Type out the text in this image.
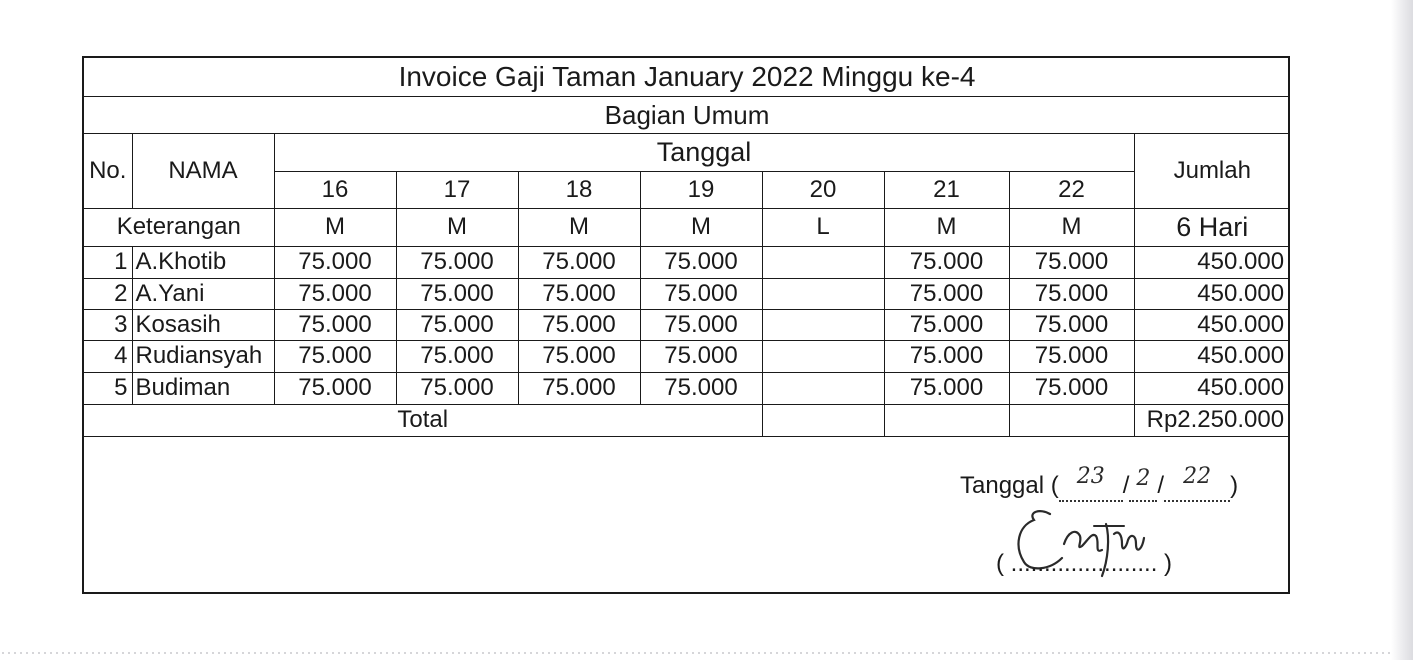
Invoice Gaji Taman January 2022 Minggu ke-4									
Bagian Umum									
No.	NAMA	Tanggal							Jumlah
		16	17	18	19	20	21	22	
Keterangan		M	M	M	M	L	M	M	6 Hari
1	A.Khotib	75.000	75.000	75.000	75.000		75.000	75.000	450.000
2	A.Yani	75.000	75.000	75.000	75.000		75.000	75.000	450.000
3	Kosasih	75.000	75.000	75.000	75.000		75.000	75.000	450.000
4	Rudiansyah	75.000	75.000	75.000	75.000		75.000	75.000	450.000
5	Budiman	75.000	75.000	75.000	75.000		75.000	75.000	450.000
Total									Rp2.250.000
Tanggal ( 23 / 2 / 22 )
( ...................... )
